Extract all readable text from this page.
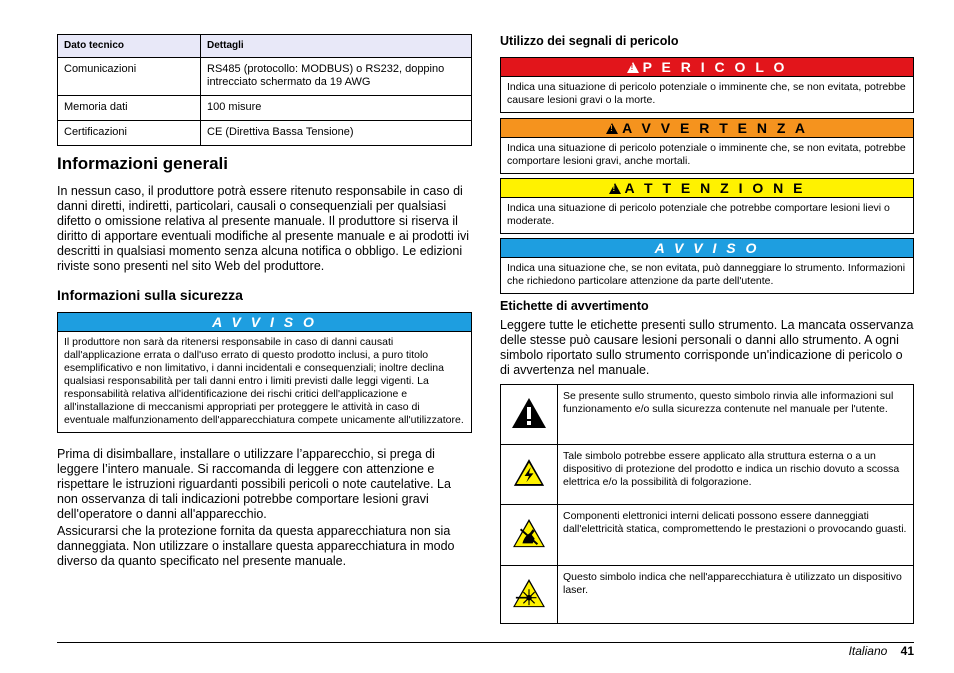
Dato tecnico	Dettagli
Comunicazioni	RS485 (protocollo: MODBUS) o RS232, doppino intrecciato schermato da 19 AWG
Memoria dati	100 misure
Certificazioni	CE (Direttiva Bassa Tensione)
Informazioni generali

In nessun caso, il produttore potrà essere ritenuto responsabile in caso di danni diretti, indiretti, particolari, causali o consequenziali per qualsiasi difetto o omissione relativa al presente manuale. Il produttore si riserva il diritto di apportare eventuali modifiche al presente manuale e ai prodotti ivi descritti in qualsiasi momento senza alcuna notifica o obbligo. Le edizioni riviste sono presenti nel sito Web del produttore.

Informazioni sulla sicurezza
A V V I S O
Il produttore non sarà da ritenersi responsabile in caso di danni causati dall'applicazione errata o dall'uso errato di questo prodotto inclusi, a puro titolo esemplificativo e non limitativo, i danni incidentali e consequenziali; inoltre declina qualsiasi responsabilità per tali danni entro i limiti previsti dalle leggi vigenti. La responsabilità relativa all'identificazione dei rischi critici dell'applicazione e all'installazione di meccanismi appropriati per proteggere le attività in caso di eventuale malfunzionamento dell'apparecchiatura compete unicamente all'utilizzatore.

Prima di disimballare, installare o utilizzare l’apparecchio, si prega di leggere l’intero manuale. Si raccomanda di leggere con attenzione e rispettare le istruzioni riguardanti possibili pericoli o note cautelative. La non osservanza di tali indicazioni potrebbe comportare lesioni gravi dell'operatore o danni all'apparecchio.

Assicurarsi che la protezione fornita da questa apparecchiatura non sia danneggiata. Non utilizzare o installare questa apparecchiatura in modo diverso da quanto specificato nel presente manuale.

Utilizzo dei segnali di pericolo
!P E R I C O L O
Indica una situazione di pericolo potenziale o imminente che, se non evitata, potrebbe causare lesioni gravi o la morte.
!A V V E R T E N Z A
Indica una situazione di pericolo potenziale o imminente che, se non evitata, potrebbe comportare lesioni gravi, anche mortali.
!A T T E N Z I O N E
Indica una situazione di pericolo potenziale che potrebbe comportare lesioni lievi o moderate.
A V V I S O
Indica una situazione che, se non evitata, può danneggiare lo strumento. Informazioni che richiedono particolare attenzione da parte dell'utente.
Etichette di avvertimento

Leggere tutte le etichette presenti sullo strumento. La mancata osservanza delle stesse può causare lesioni personali o danni allo strumento. A ogni simbolo riportato sullo strumento corrisponde un'indicazione di pericolo o di avvertenza nel manuale.

	Se presente sullo strumento, questo simbolo rinvia alle informazioni sul funzionamento e/o sulla sicurezza contenute nel manuale per l'utente.
	Tale simbolo potrebbe essere applicato alla struttura esterna o a un dispositivo di protezione del prodotto e indica un rischio dovuto a scossa elettrica e/o la possibilità di folgorazione.
	Componenti elettronici interni delicati possono essere danneggiati dall'elettricità statica, compromettendo le prestazioni o provocando guasti.
	Questo simbolo indica che nell'apparecchiatura è utilizzato un dispositivo laser.
Italiano 41
